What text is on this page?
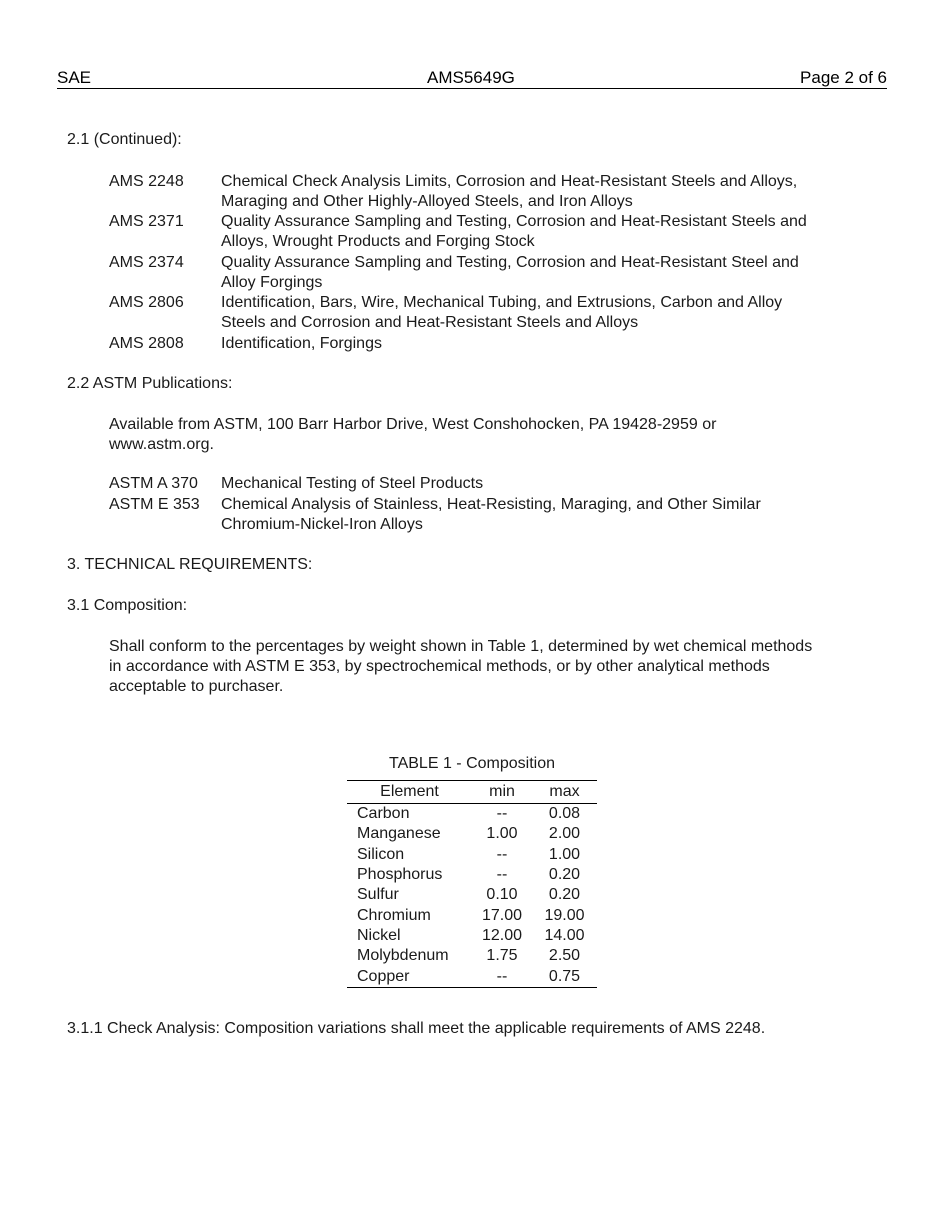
SAE	AMS5649G	Page 2 of 6
2.1 (Continued):
AMS 2248 Chemical Check Analysis Limits, Corrosion and Heat-Resistant Steels and Alloys,
Maraging and Other Highly-Alloyed Steels, and Iron Alloys
AMS 2371 Quality Assurance Sampling and Testing, Corrosion and Heat-Resistant Steels and
Alloys, Wrought Products and Forging Stock
AMS 2374 Quality Assurance Sampling and Testing, Corrosion and Heat-Resistant Steel and
Alloy Forgings
AMS 2806 Identification, Bars, Wire, Mechanical Tubing, and Extrusions, Carbon and Alloy
Steels and Corrosion and Heat-Resistant Steels and Alloys
AMS 2808 Identification, Forgings
2.2 ASTM Publications:
Available from ASTM, 100 Barr Harbor Drive, West Conshohocken, PA 19428-2959 or
www.astm.org.
ASTM A 370 Mechanical Testing of Steel Products
ASTM E 353 Chemical Analysis of Stainless, Heat-Resisting, Maraging, and Other Similar
Chromium-Nickel-Iron Alloys
3. TECHNICAL REQUIREMENTS:
3.1 Composition:
Shall conform to the percentages by weight shown in Table 1, determined by wet chemical methods
in accordance with ASTM E 353, by spectrochemical methods, or by other analytical methods
acceptable to purchaser.
TABLE 1 - Composition
Element	min	max
Carbon	--	0.08
Manganese	1.00	2.00
Silicon	--	1.00
Phosphorus	--	0.20
Sulfur	0.10	0.20
Chromium	17.00	19.00
Nickel	12.00	14.00
Molybdenum	1.75	2.50
Copper	--	0.75
3.1.1 Check Analysis: Composition variations shall meet the applicable requirements of AMS 2248.
